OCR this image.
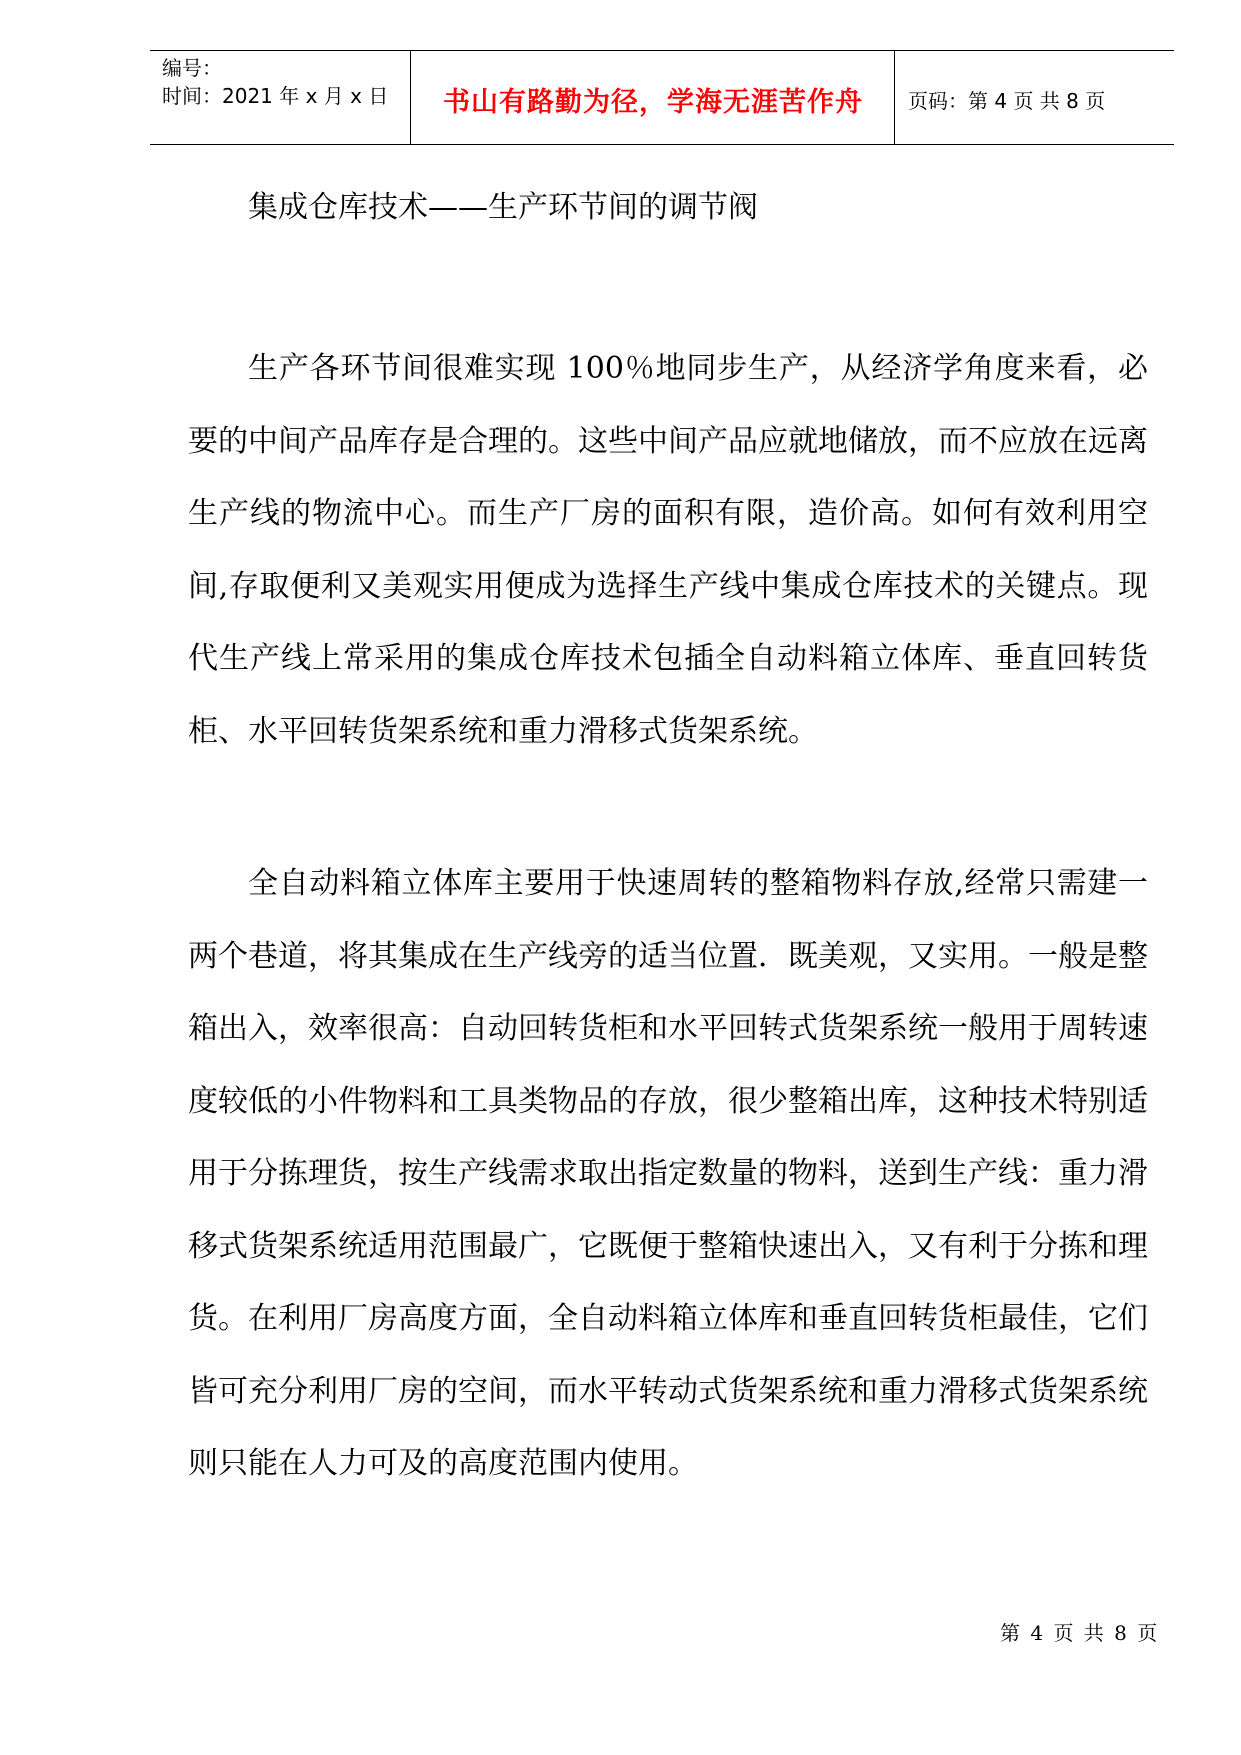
编号：
时间：2021 年 x 月 x 日	书山有路勤为径，学海无涯苦作舟	页码：第 4 页 共 8 页
集成仓库技术——生产环节间的调节阀

生产各环节间很难实现 100％地同步生产，从经济学角度来看，必要的中间产品库存是合理的。这些中间产品应就地储放，而不应放在远离生产线的物流中心。而生产厂房的面积有限，造价高。如何有效利用空间,存取便利又美观实用便成为选择生产线中集成仓库技术的关键点。现代生产线上常采用的集成仓库技术包插全自动料箱立体库、垂直回转货柜、水平回转货架系统和重力滑移式货架系统。

全自动料箱立体库主要用于快速周转的整箱物料存放,经常只需建一两个巷道，将其集成在生产线旁的适当位置．既美观，又实用。一般是整箱出入，效率很高：自动回转货柜和水平回转式货架系统一般用于周转速度较低的小件物料和工具类物品的存放，很少整箱出库，这种技术特别适用于分拣理货，按生产线需求取出指定数量的物料，送到生产线：重力滑移式货架系统适用范围最广，它既便于整箱快速出入，又有利于分拣和理货。在利用厂房高度方面，全自动料箱立体库和垂直回转货柜最佳，它们皆可充分利用厂房的空间，而水平转动式货架系统和重力滑移式货架系统则只能在人力可及的高度范围内使用。

第 4 页 共 8 页
